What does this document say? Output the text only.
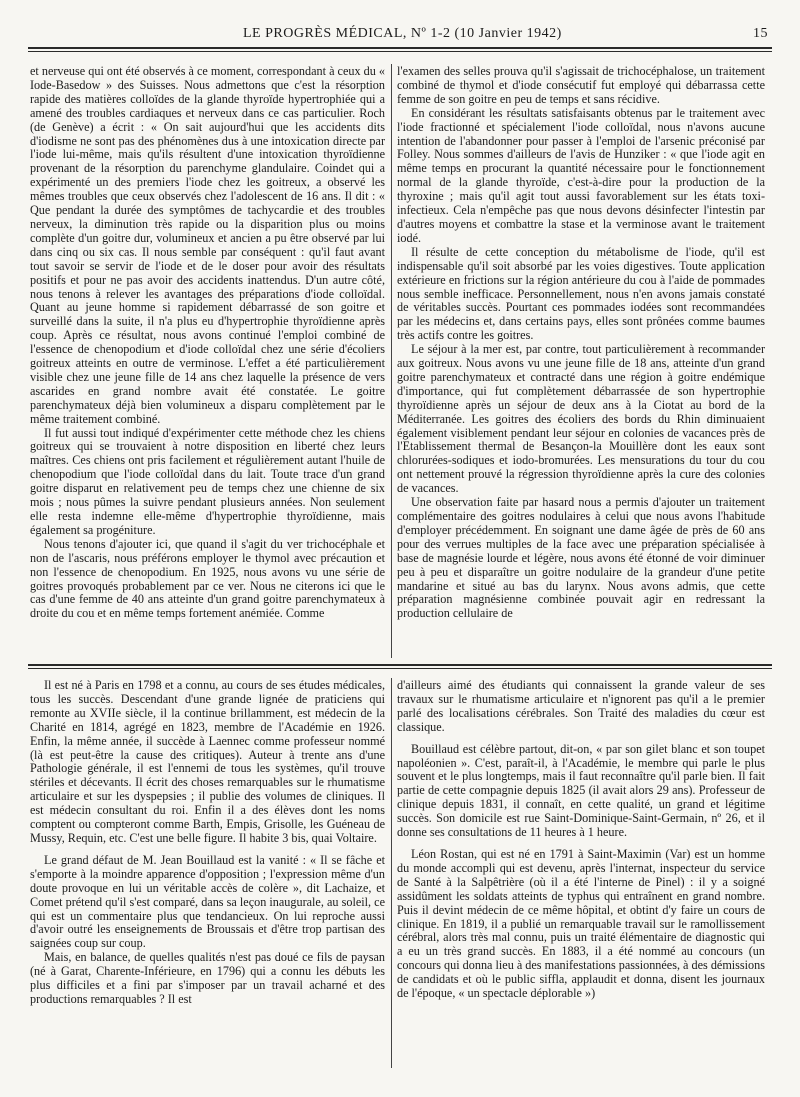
LE PROGRÈS MÉDICAL, Nº 1-2 (10 Janvier 1942)	15

et nerveuse qui ont été observés à ce moment, correspondant à ceux du « Iode-Basedow » des Suisses. Nous admettons que c'est la résorption rapide des matières colloïdes de la glande thyroïde hypertrophiée qui a amené des troubles cardiaques et nerveux dans ce cas particulier. Roch (de Genève) a écrit : « On sait aujourd'hui que les accidents dits d'iodisme ne sont pas des phénomènes dus à une intoxication directe par l'iode lui-même, mais qu'ils résultent d'une intoxication thyroïdienne provenant de la résorption du parenchyme glandulaire. Coindet qui a expérimenté un des premiers l'iode chez les goitreux, a observé les mêmes troubles que ceux observés chez l'adolescent de 16 ans. Il dit : « Que pendant la durée des symptômes de tachycardie et des troubles nerveux, la diminution très rapide ou la disparition plus ou moins complète d'un goitre dur, volumineux et ancien a pu être observé par lui dans cinq ou six cas. Il nous semble par conséquent : qu'il faut avant tout savoir se servir de l'iode et de le doser pour avoir des résultats positifs et pour ne pas avoir des accidents inattendus. D'un autre côté, nous tenons à relever les avantages des préparations d'iode colloïdal. Quant au jeune homme si rapidement débarrassé de son goitre et surveillé dans la suite, il n'a plus eu d'hypertrophie thyroïdienne après coup. Après ce résultat, nous avons continué l'emploi combiné de l'essence de chenopodium et d'iode colloïdal chez une série d'écoliers goitreux atteints en outre de verminose. L'effet a été particulièrement visible chez une jeune fille de 14 ans chez laquelle la présence de vers ascarides en grand nombre avait été constatée. Le goitre parenchymateux déjà bien volumineux a disparu complètement par le même traitement combiné.

Il fut aussi tout indiqué d'expérimenter cette méthode chez les chiens goitreux qui se trouvaient à notre disposition en liberté chez leurs maîtres. Ces chiens ont pris facilement et régulièrement autant l'huile de chenopodium que l'iode colloïdal dans du lait. Toute trace d'un grand goitre disparut en relativement peu de temps chez une chienne de six mois ; nous pûmes la suivre pendant plusieurs années. Non seulement elle resta indemne elle-même d'hypertrophie thyroïdienne, mais également sa progéniture.

Nous tenons d'ajouter ici, que quand il s'agit du ver trichocéphale et non de l'ascaris, nous préférons employer le thymol avec précaution et non l'essence de chenopodium. En 1925, nous avons vu une série de goitres provoqués probablement par ce ver. Nous ne citerons ici que le cas d'une femme de 40 ans atteinte d'un grand goitre parenchymateux à droite du cou et en même temps fortement anémiée. Comme

l'examen des selles prouva qu'il s'agissait de trichocéphalose, un traitement combiné de thymol et d'iode consécutif fut employé qui débarrassa cette femme de son goitre en peu de temps et sans récidive.

En considérant les résultats satisfaisants obtenus par le traitement avec l'iode fractionné et spécialement l'iode colloïdal, nous n'avons aucune intention de l'abandonner pour passer à l'emploi de l'arsenic préconisé par Folley. Nous sommes d'ailleurs de l'avis de Hunziker : « que l'iode agit en même temps en procurant la quantité nécessaire pour le fonctionnement normal de la glande thyroïde, c'est-à-dire pour la production de la thyroxine ; mais qu'il agit tout aussi favorablement sur les états toxi-infectieux. Cela n'empêche pas que nous devons désinfecter l'intestin par d'autres moyens et combattre la stase et la verminose avant le traitement iodé.

Il résulte de cette conception du métabolisme de l'iode, qu'il est indispensable qu'il soit absorbé par les voies digestives. Toute application extérieure en frictions sur la région antérieure du cou à l'aide de pommades nous semble inefficace. Personnellement, nous n'en avons jamais constaté de véritables succès. Pourtant ces pommades iodées sont recommandées par les médecins et, dans certains pays, elles sont prônées comme baumes très actifs contre les goitres.

Le séjour à la mer est, par contre, tout particulièrement à recommander aux goitreux. Nous avons vu une jeune fille de 18 ans, atteinte d'un grand goitre parenchymateux et contracté dans une région à goitre endémique d'importance, qui fut complètement débarrassée de son hypertrophie thyroïdienne après un séjour de deux ans à la Ciotat au bord de la Méditerranée. Les goitres des écoliers des bords du Rhin diminuaient également visiblement pendant leur séjour en colonies de vacances près de l'Etablissement thermal de Besançon-la Mouillère dont les eaux sont chlorurées-sodiques et iodo-bromurées. Les mensurations du tour du cou ont nettement prouvé la régression thyroïdienne après la cure des colonies de vacances.

Une observation faite par hasard nous a permis d'ajouter un traitement complémentaire des goitres nodulaires à celui que nous avons l'habitude d'employer précédemment. En soignant une dame âgée de près de 60 ans pour des verrues multiples de la face avec une préparation spécialisée à base de magnésie lourde et légère, nous avons été étonné de voir diminuer peu à peu et disparaître un goitre nodulaire de la grandeur d'une petite mandarine et situé au bas du larynx. Nous avons admis, que cette préparation magnésienne combinée pouvait agir en redressant la production cellulaire de

Il est né à Paris en 1798 et a connu, au cours de ses études médicales, tous les succès. Descendant d'une grande lignée de praticiens qui remonte au XVIIe siècle, il la continue brillamment, est médecin de la Charité en 1814, agrégé en 1823, membre de l'Académie en 1926. Enfin, la même année, il succède à Laennec comme professeur nommé (là est peut-être la cause des critiques). Auteur à trente ans d'une Pathologie générale, il est l'ennemi de tous les systèmes, qu'il trouve stériles et décevants. Il écrit des choses remarquables sur le rhumatisme articulaire et sur les dyspepsies ; il publie des volumes de cliniques. Il est médecin consultant du roi. Enfin il a des élèves dont les noms comptent ou compteront comme Barth, Empis, Grisolle, les Guéneau de Mussy, Requin, etc. C'est une belle figure. Il habite 3 bis, quai Voltaire.

Le grand défaut de M. Jean Bouillaud est la vanité : « Il se fâche et s'emporte à la moindre apparence d'opposition ; l'expression même d'un doute provoque en lui un véritable accès de colère », dit Lachaize, et Comet prétend qu'il s'est comparé, dans sa leçon inaugurale, au soleil, ce qui est un commentaire plus que tendancieux. On lui reproche aussi d'avoir outré les enseignements de Broussais et d'être trop partisan des saignées coup sur coup.

Mais, en balance, de quelles qualités n'est pas doué ce fils de paysan (né à Garat, Charente-Inférieure, en 1796) qui a connu les débuts les plus difficiles et a fini par s'imposer par un travail acharné et des productions remarquables ? Il est

d'ailleurs aimé des étudiants qui connaissent la grande valeur de ses travaux sur le rhumatisme articulaire et n'ignorent pas qu'il a le premier parlé des localisations cérébrales. Son Traité des maladies du cœur est classique.

Bouillaud est célèbre partout, dit-on, « par son gilet blanc et son toupet napoléonien ». C'est, paraît-il, à l'Académie, le membre qui parle le plus souvent et le plus longtemps, mais il faut reconnaître qu'il parle bien. Il fait partie de cette compagnie depuis 1825 (il avait alors 29 ans). Professeur de clinique depuis 1831, il connaît, en cette qualité, un grand et légitime succès. Son domicile est rue Saint-Dominique-Saint-Germain, nº 26, et il donne ses consultations de 11 heures à 1 heure.

Léon Rostan, qui est né en 1791 à Saint-Maximin (Var) est un homme du monde accompli qui est devenu, après l'internat, inspecteur du service de Santé à la Salpêtrière (où il a été l'interne de Pinel) : il y a soigné assidûment les soldats atteints de typhus qui entraînent en grand nombre. Puis il devint médecin de ce même hôpital, et obtint d'y faire un cours de clinique. En 1819, il a publié un remarquable travail sur le ramollissement cérébral, alors très mal connu, puis un traité élémentaire de diagnostic qui a eu un très grand succès. En 1883, il a été nommé au concours (un concours qui donna lieu à des manifestations passionnées, à des démissions de candidats et où le public siffla, applaudit et donna, disent les journaux de l'époque, « un spectacle déplorable »)
